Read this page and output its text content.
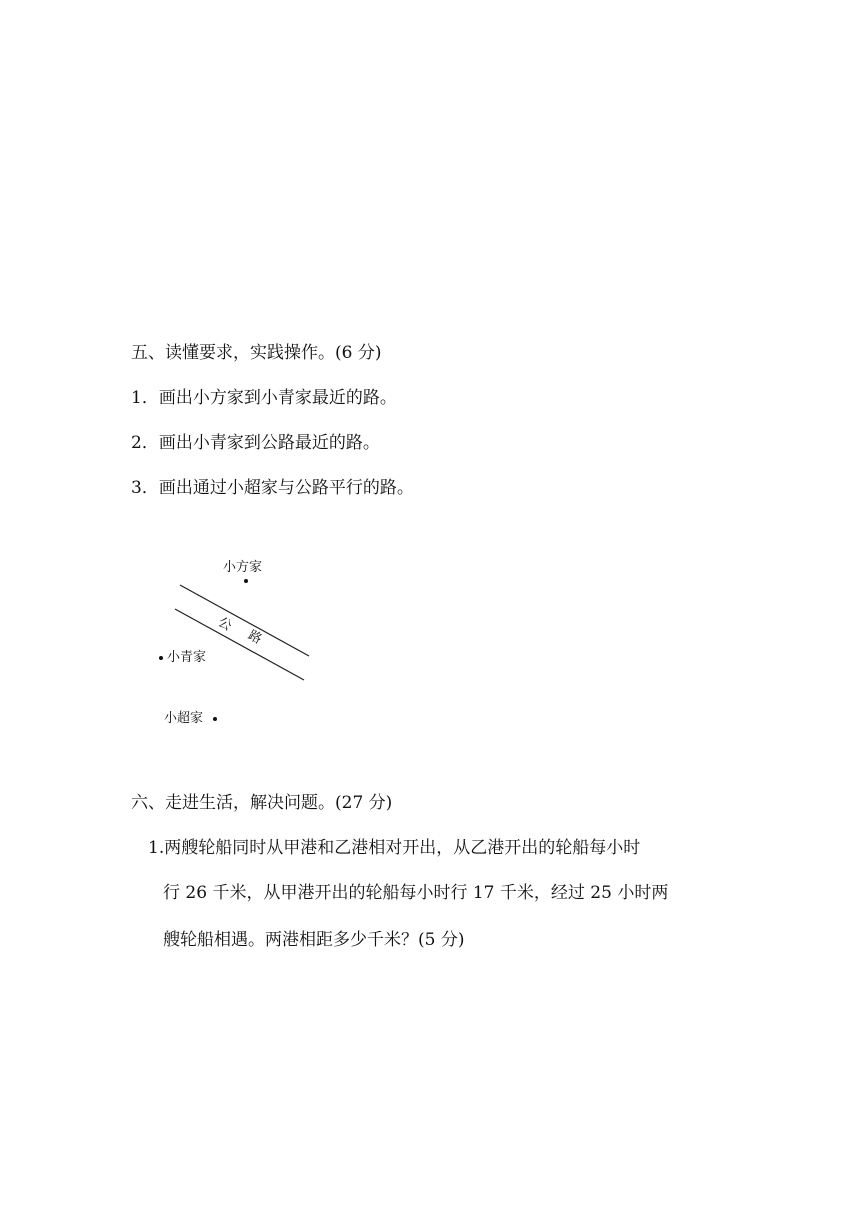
五、读懂要求，实践操作。(6 分)
1．画出小方家到小青家最近的路。
2．画出小青家到公路最近的路。
3．画出通过小超家与公路平行的路。
小方家
小青家
小超家
公
路
六、走进生活，解决问题。(27 分)
1.两艘轮船同时从甲港和乙港相对开出，从乙港开出的轮船每小时
行 26 千米，从甲港开出的轮船每小时行 17 千米，经过 25 小时两
艘轮船相遇。两港相距多少千米？(5 分)
